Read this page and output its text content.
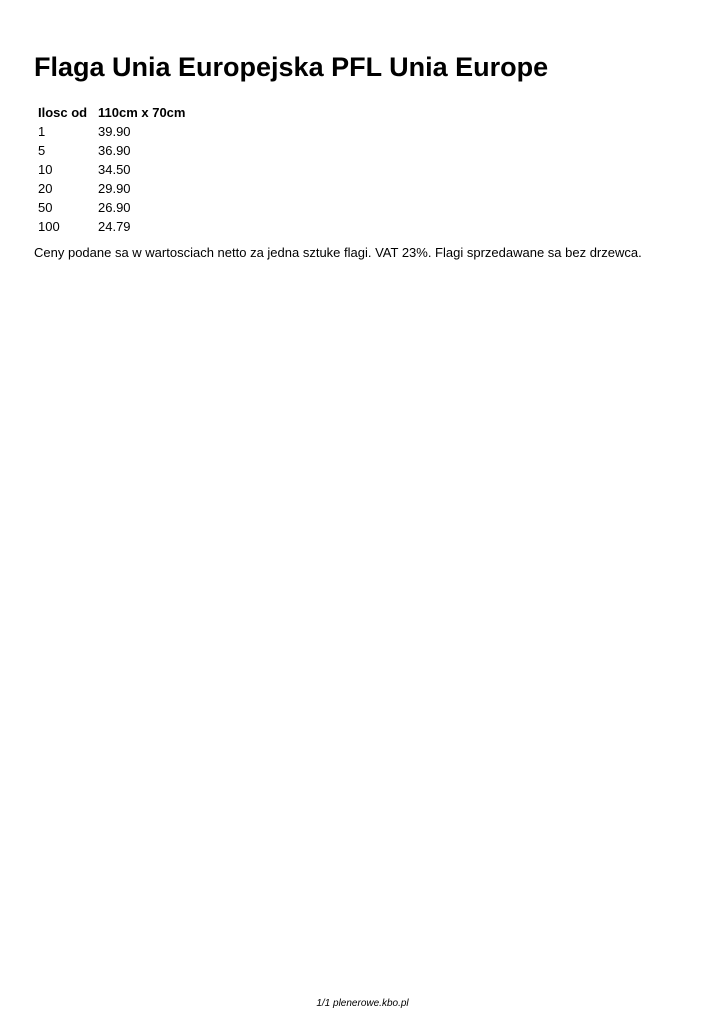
Flaga Unia Europejska PFL Unia Europe
Ilosc od	110cm x 70cm
1	39.90
5	36.90
10	34.50
20	29.90
50	26.90
100	24.79

Ceny podane sa w wartosciach netto za jedna sztuke flagi. VAT 23%. Flagi sprzedawane sa bez drzewca.

1/1 plenerowe.kbo.pl
